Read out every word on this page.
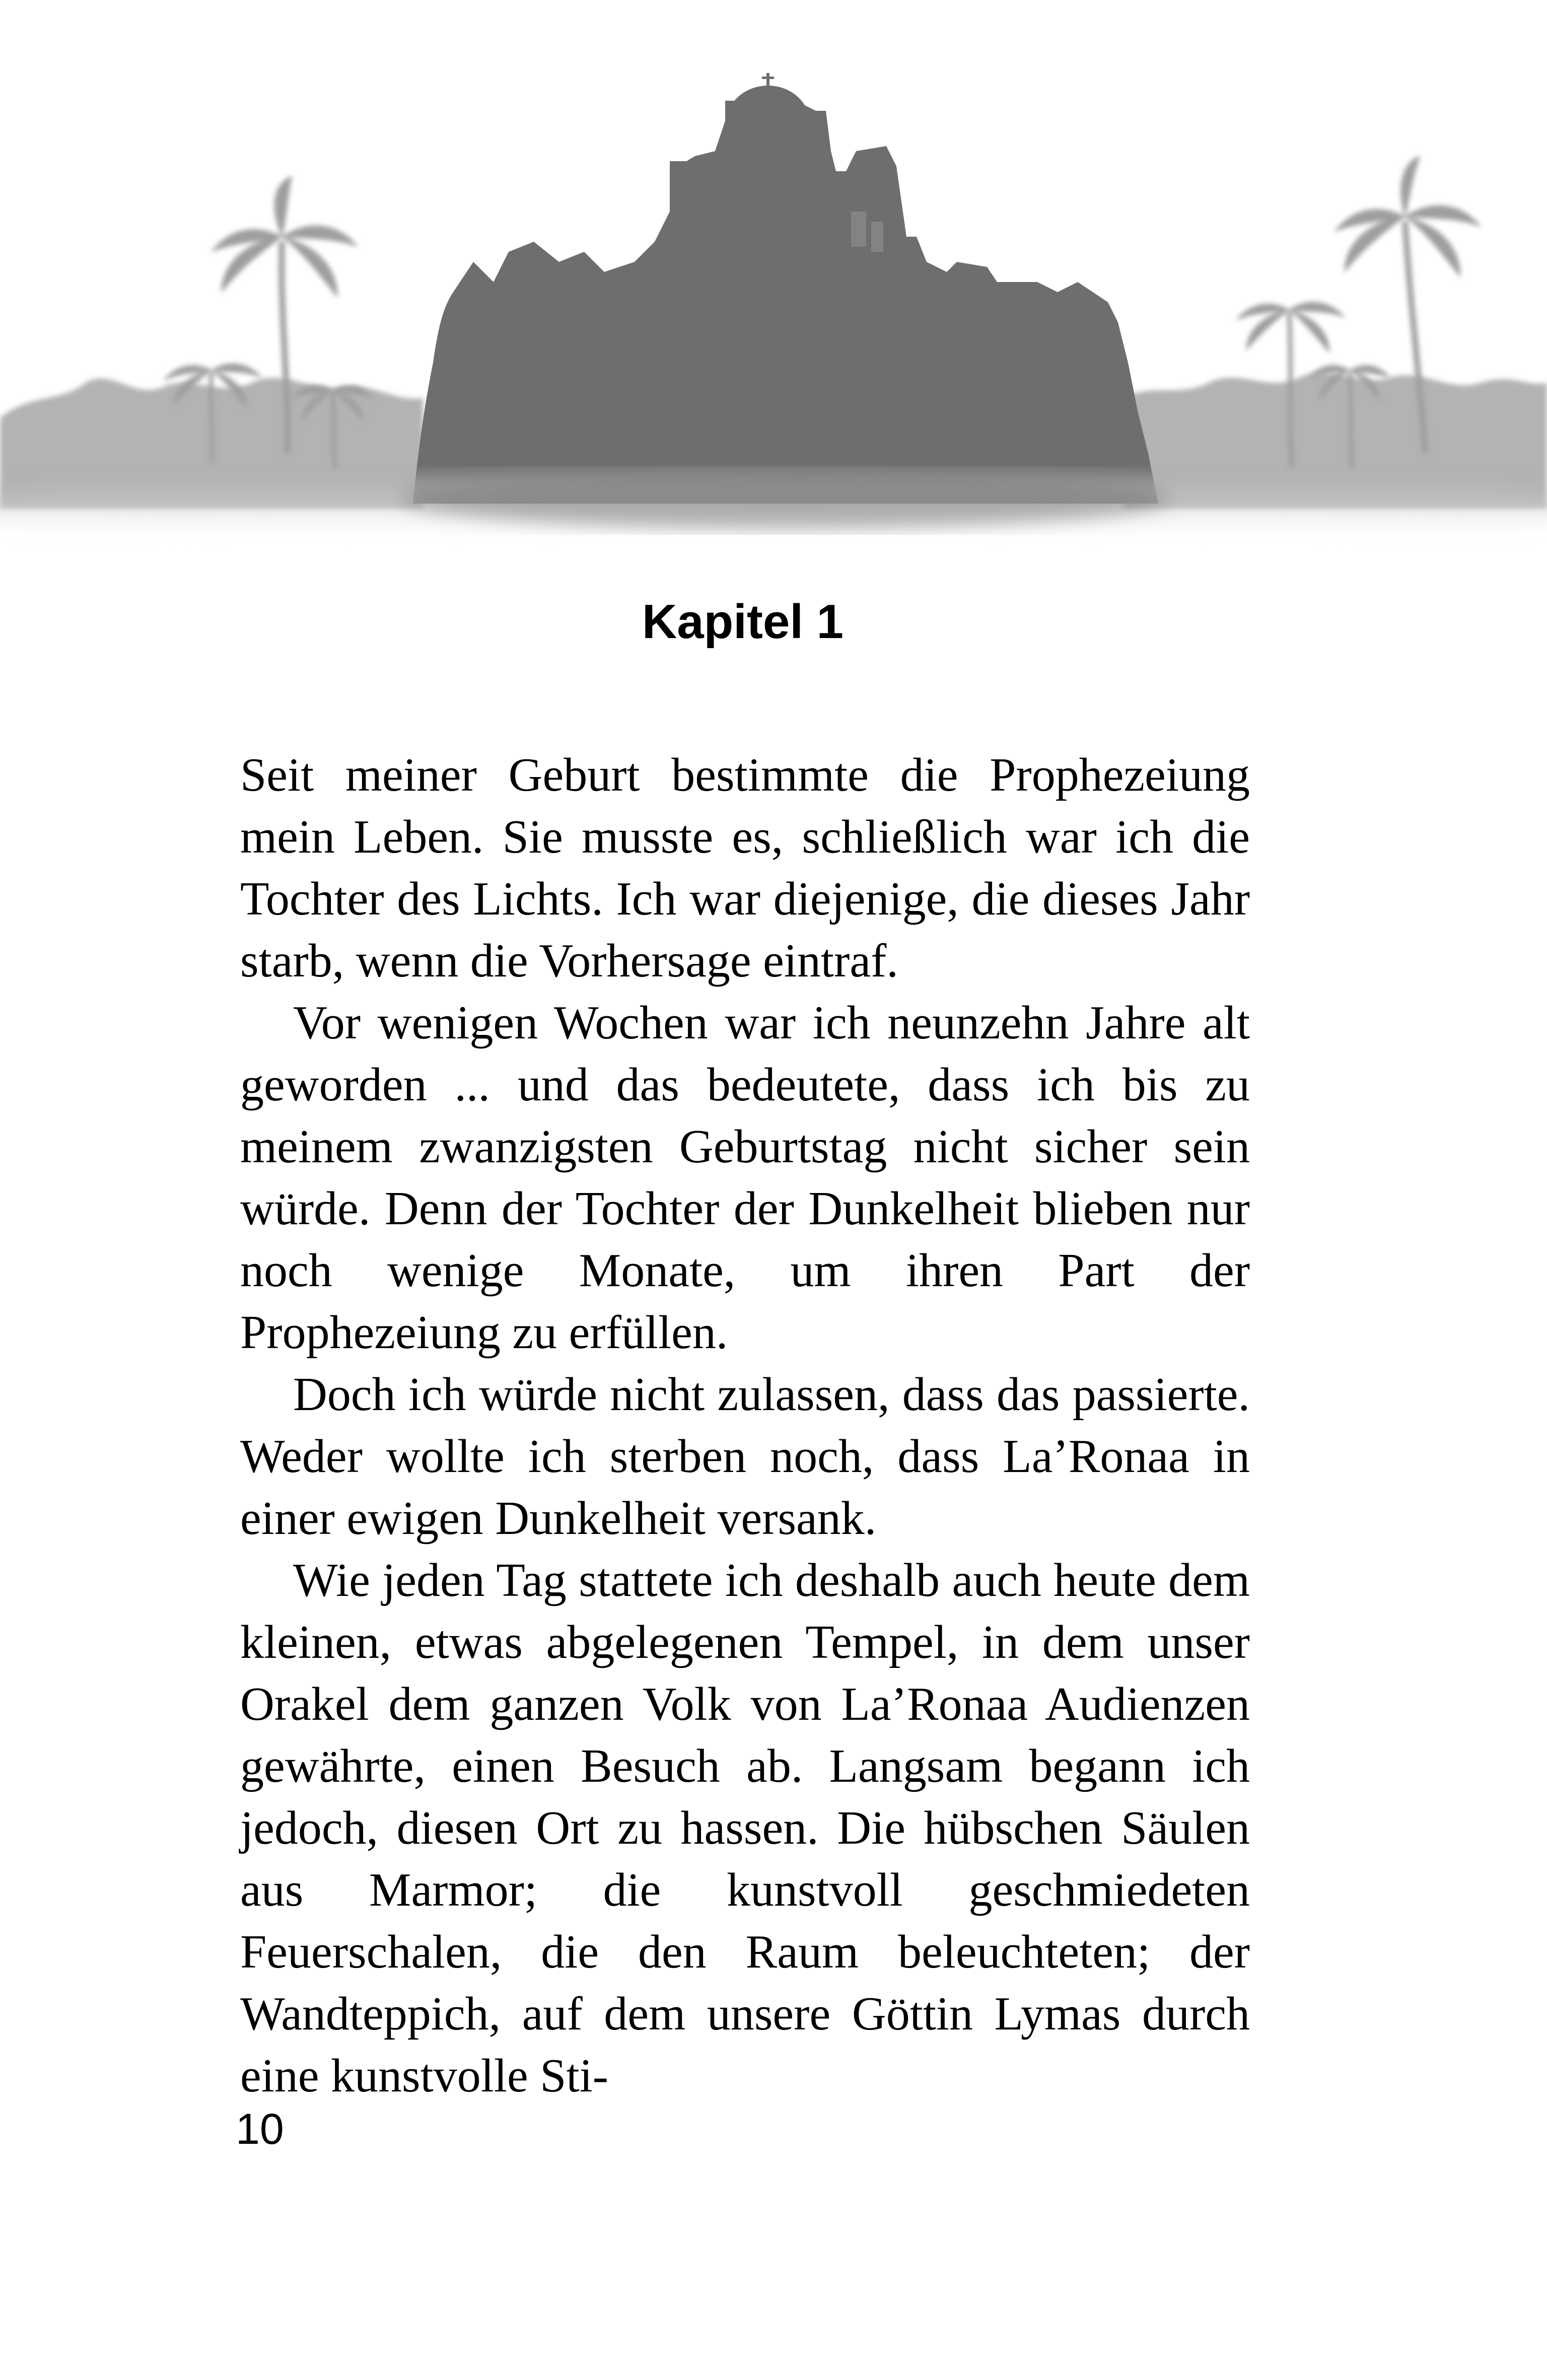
Kapitel 1

Seit meiner Geburt bestimmte die Prophezeiung mein Leben. Sie musste es, schließlich war ich die Tochter des Lichts. Ich war diejenige, die dieses Jahr starb, wenn die Vorhersage eintraf.

Vor wenigen Wochen war ich neunzehn Jahre alt geworden ... und das bedeutete, dass ich bis zu meinem zwanzigsten Geburtstag nicht sicher sein würde. Denn der Tochter der Dunkelheit blieben nur noch wenige Monate, um ihren Part der Prophezeiung zu erfüllen.

Doch ich würde nicht zulassen, dass das passierte. Weder wollte ich sterben noch, dass La’Ronaa in einer ewigen Dunkelheit versank.

Wie jeden Tag stattete ich deshalb auch heute dem kleinen, etwas abgelegenen Tempel, in dem unser Orakel dem ganzen Volk von La’Ronaa Audienzen gewährte, einen Besuch ab. Langsam begann ich jedoch, diesen Ort zu hassen. Die hübschen Säulen aus Marmor; die kunstvoll geschmiedeten Feuerschalen, die den Raum beleuchteten; der Wandteppich, auf dem unsere Göttin Lymas durch eine kunstvolle Sti-

10
